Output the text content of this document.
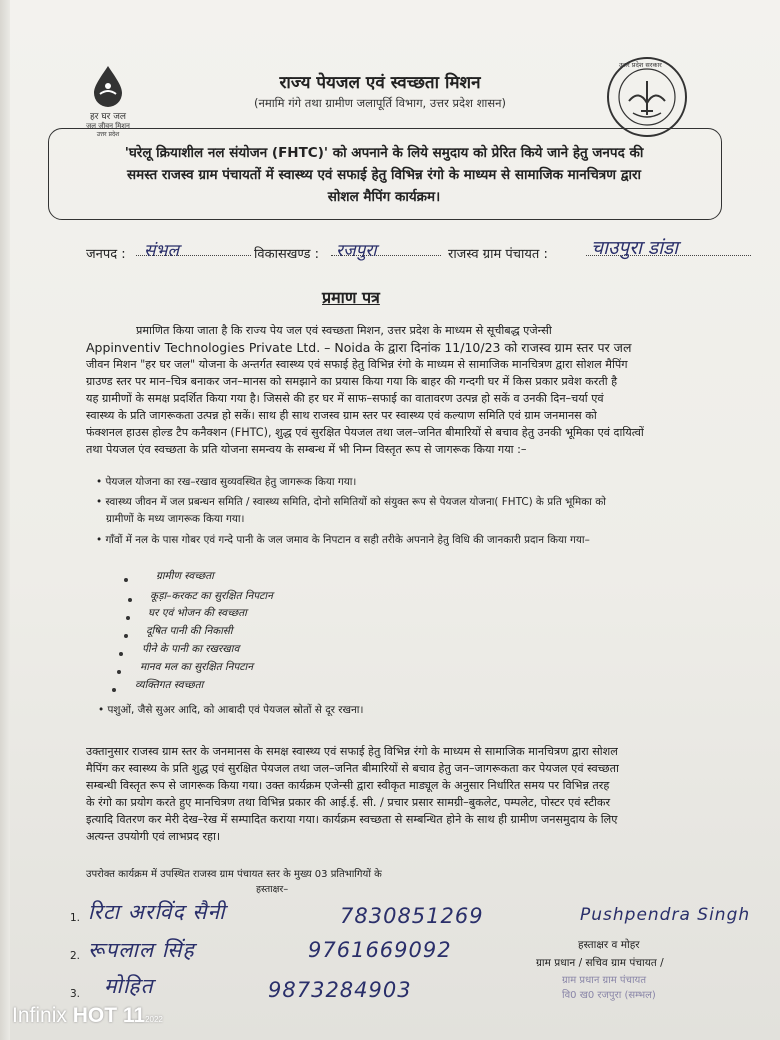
हर घर जल
जल जीवन मिशन
उत्तर प्रदेश
उत्तर प्रदेश सरकार
राज्य पेयजल एवं स्वच्छता मिशन
(नमामि गंगे तथा ग्रामीण जलापूर्ति विभाग, उत्तर प्रदेश शासन)
'घरेलू क्रियाशील नल संयोजन (FHTC)' को अपनाने के लिये समुदाय को प्रेरित किये जाने हेतु जनपद की
समस्त राजस्व ग्राम पंचायतों में स्वास्थ्य एवं सफाई हेतु विभिन्न रंगो के माध्यम से सामाजिक मानचित्रण द्वारा
सोशल मैपिंग कार्यक्रम।
जनपद : संभल	विकासखण्ड : रजपुरा	राजस्व ग्राम पंचायत : चाउपुरा डांडा
प्रमाण पत्र
प्रमाणित किया जाता है कि राज्य पेय जल एवं स्वच्छता मिशन, उत्तर प्रदेश के माध्यम से सूचीबद्ध एजेन्सी
Appinventiv Technologies Private Ltd. – Noida के द्वारा दिनांक 11/10/23 को राजस्व ग्राम स्तर पर जल
जीवन मिशन "हर घर जल" योजना के अन्तर्गत स्वास्थ्य एवं सफाई हेतु विभिन्न रंगो के माध्यम से सामाजिक मानचित्रण द्वारा सोशल मैपिंग
ग्राउण्ड स्तर पर मान–चित्र बनाकर जन–मानस को समझाने का प्रयास किया गया कि बाहर की गन्दगी घर में किस प्रकार प्रवेश करती है
यह ग्रामीणों के समक्ष प्रदर्शित किया गया है। जिससे की हर घर में साफ–सफाई का वातावरण उत्पन्न हो सकें व उनकी दिन–चर्या एवं
स्वास्थ्य के प्रति जागरूकता उत्पन्न हो सकें। साथ ही साथ राजस्व ग्राम स्तर पर स्वास्थ्य एवं कल्याण समिति एवं ग्राम जनमानस को
फंक्शनल हाउस होल्ड टैप कनैक्शन (FHTC), शुद्ध एवं सुरक्षित पेयजल तथा जल–जनित बीमारियों से बचाव हेतु उनकी भूमिका एवं दायित्वों
तथा पेयजल एंव स्वच्छता के प्रति योजना समन्वय के सम्बन्ध में भी निम्न विस्तृत रूप से जागरूक किया गया :–
• पेयजल योजना का रख–रखाव सुव्यवस्थित हेतु जागरूक किया गया।
• स्वास्थ्य जीवन में जल प्रबन्धन समिति / स्वास्थ्य समिति, दोनो समितियों को संयुक्त रूप से पेयजल योजना( FHTC) के प्रति भूमिका को
ग्रामीणों के मध्य जागरूक किया गया।
• गाँवों में नल के पास गोबर एवं गन्दे पानी के जल जमाव के निपटान व सही तरीके अपनाने हेतु विधि की जानकारी प्रदान किया गया–
ग्रामीण स्वच्छता
कूड़ा–करकट का सुरक्षित निपटान
घर एवं भोजन की स्वच्छता
दूषित पानी की निकासी
पीने के पानी का रखरखाव
मानव मल का सुरक्षित निपटान
व्यक्तिगत स्वच्छता
• पशुओं, जैसे सुअर आदि, को आबादी एवं पेयजल स्रोतों से दूर रखना।
उक्तानुसार राजस्व ग्राम स्तर के जनमानस के समक्ष स्वास्थ्य एवं सफाई हेतु विभिन्न रंगो के माध्यम से सामाजिक मानचित्रण द्वारा सोशल
मैपिंग कर स्वास्थ्य के प्रति शुद्ध एवं सुरक्षित पेयजल तथा जल–जनित बीमारियों से बचाव हेतु जन–जागरूकता कर पेयजल एवं स्वच्छता
सम्बन्धी विस्तृत रूप से जागरूक किया गया। उक्त कार्यक्रम एजेन्सी द्वारा स्वीकृत माड्यूल के अनुसार निर्धारित समय पर विभिन्न तरह
के रंगो का प्रयोग करते हुए मानचित्रण तथा विभिन्न प्रकार की आई.ई. सी. / प्रचार प्रसार सामग्री–बुकलेट, पम्पलेट, पोस्टर एवं स्टीकर
इत्यादि वितरण कर मेरी देख–रेख में सम्पादित कराया गया। कार्यक्रम स्वच्छता से सम्बन्धित होने के साथ ही ग्रामीण जनसमुदाय के लिए
अत्यन्त उपयोगी एवं लाभप्रद रहा।
उपरोक्त कार्यक्रम में उपस्थित राजस्व ग्राम पंचायत स्तर के मुख्य 03 प्रतिभागियों के
हस्ताक्षर–
1. रिटा अरविंद सैनी	7830851269
2. रूपलाल सिंह	9761669092
3. मोहित	9873284903
Pushpendra Singh
हस्ताक्षर व मोहर
ग्राम प्रधान / सचिव ग्राम पंचायत /
ग्राम प्रधान ग्राम पंचायत
वि0 ख0 रजपुरा (सम्भल)
Infinix HOT 112022
